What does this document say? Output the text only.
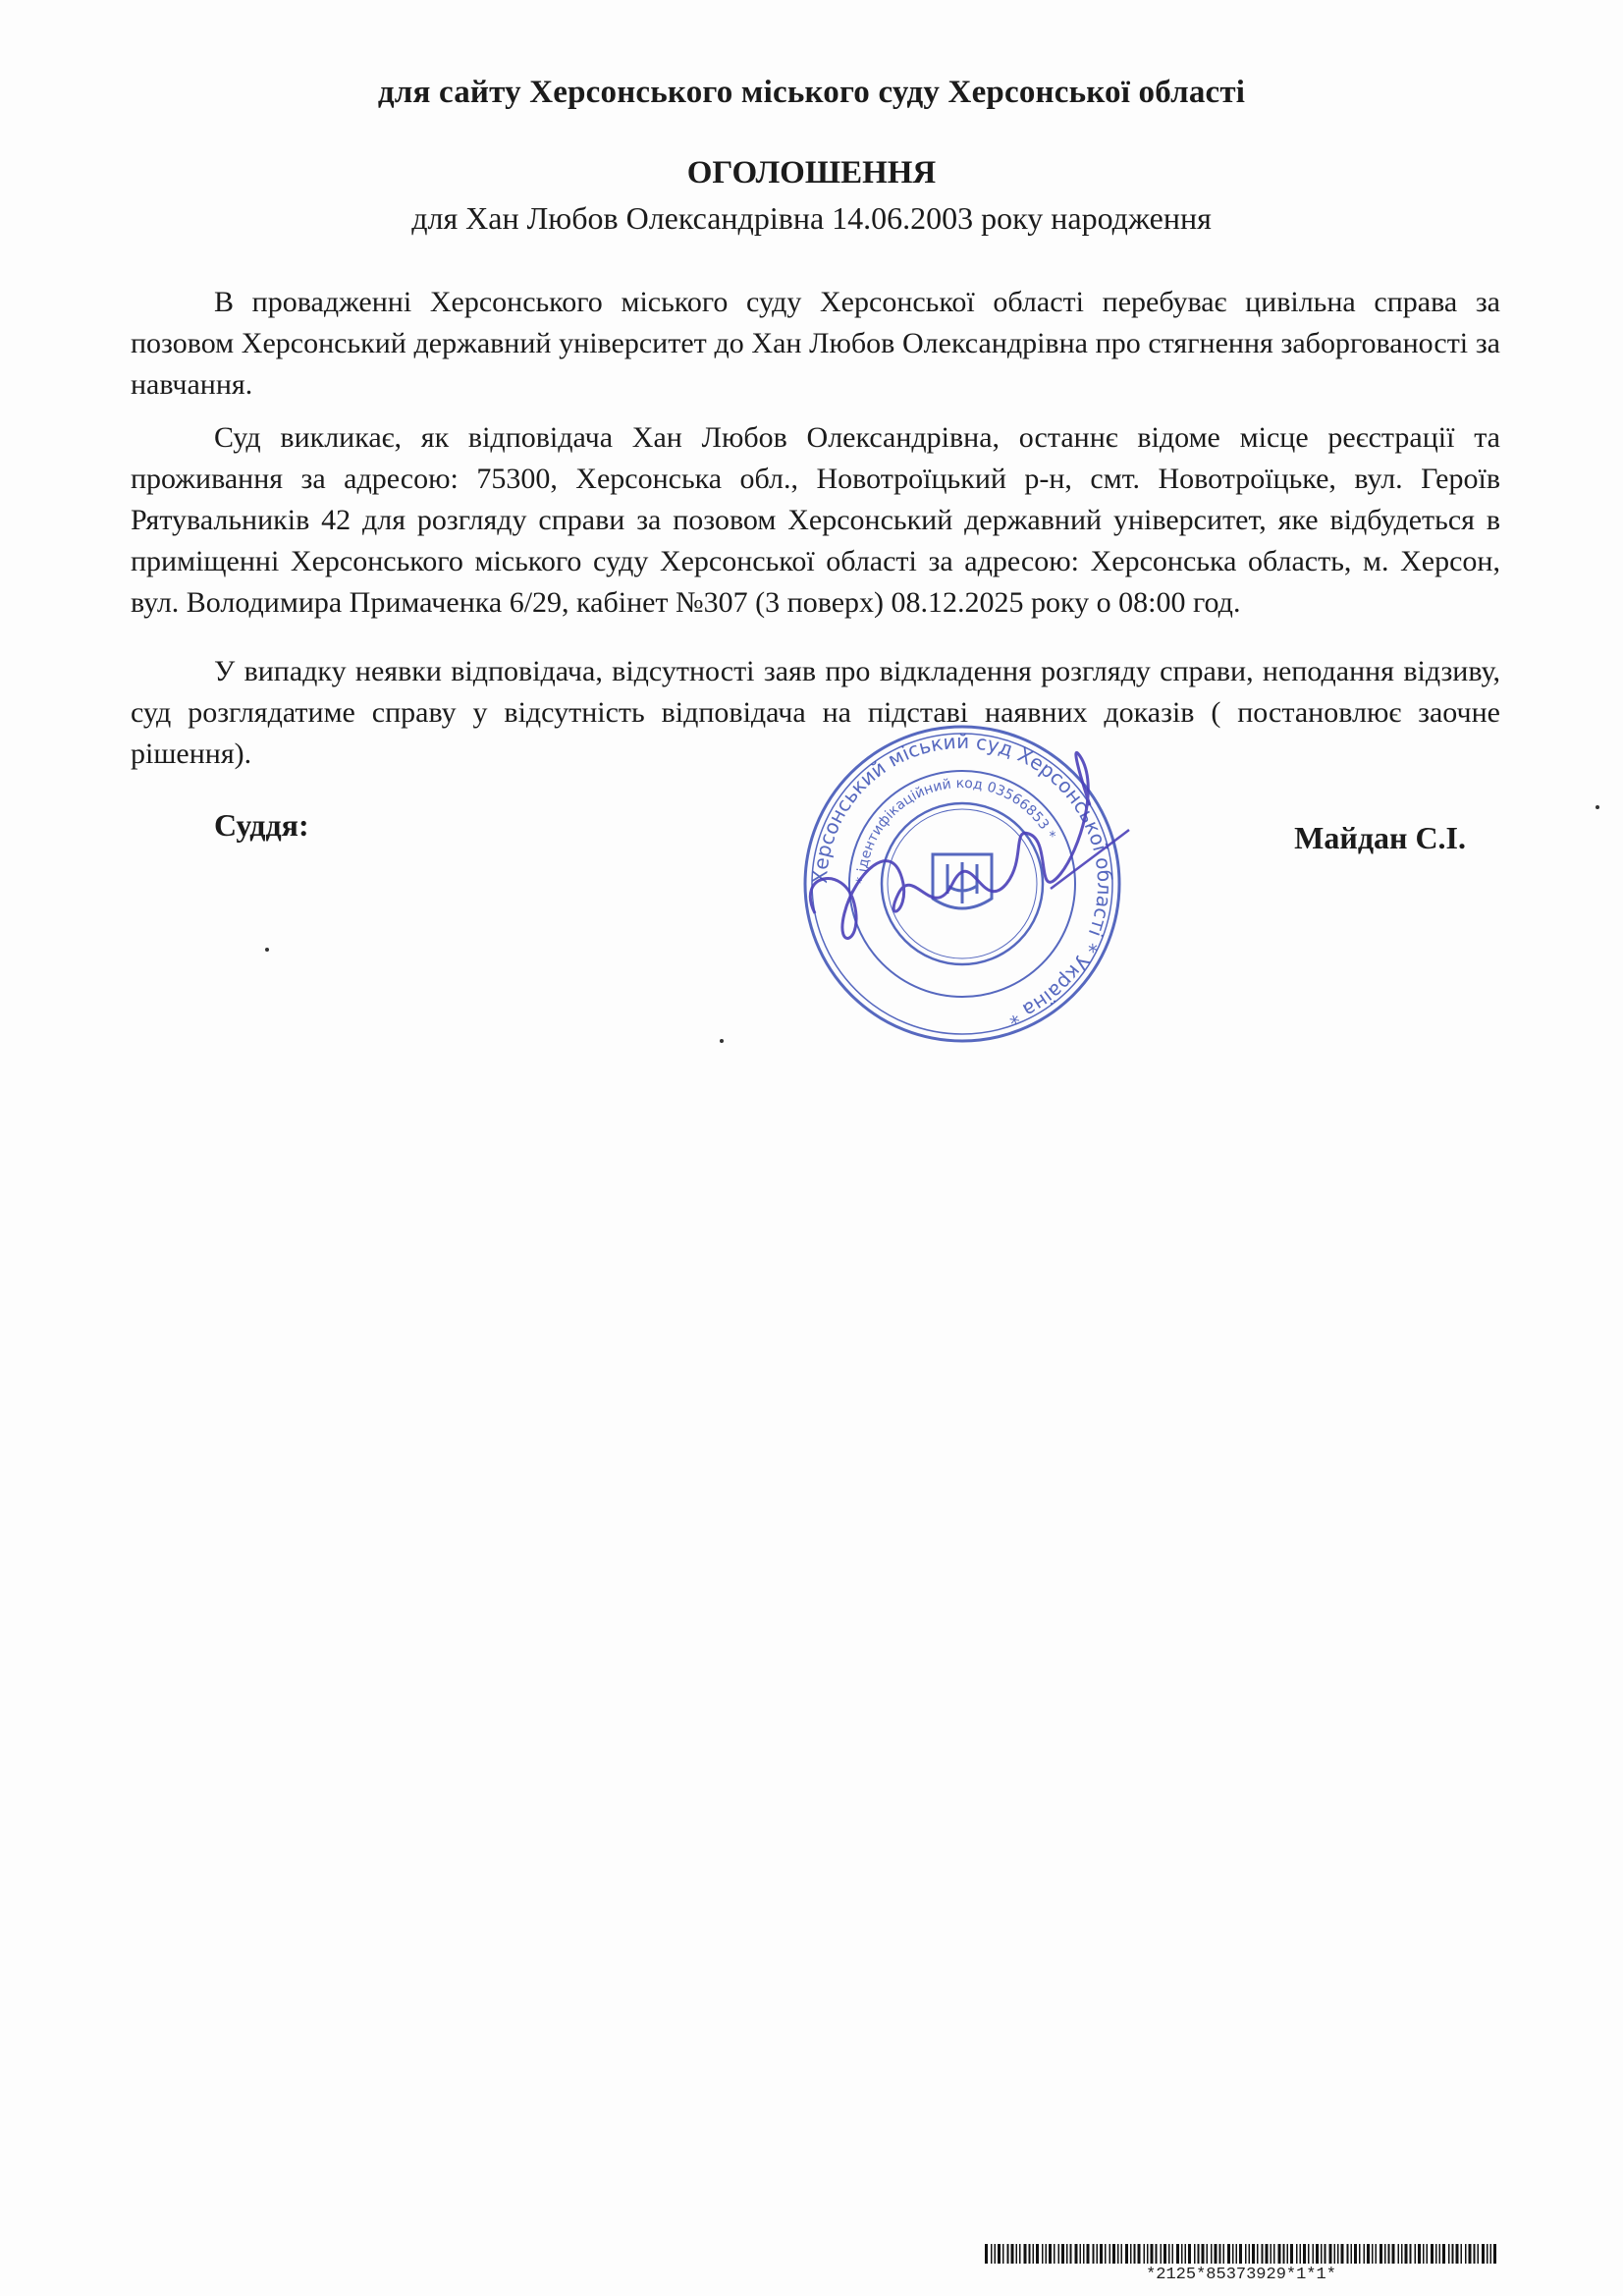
для сайту Херсонського міського суду Херсонської області
ОГОЛОШЕННЯ
для Хан Любов Олександрівна 14.06.2003 року народження

В провадженні Херсонського міського суду Херсонської області перебуває цивільна справа за позовом Херсонський державний університет до Хан Любов Олександрівна про стягнення заборгованості за навчання.

Суд викликає, як відповідача Хан Любов Олександрівна, останнє відоме місце реєстрації та проживання за адресою: 75300, Херсонська обл., Новотроїцький р-н, смт. Новотроїцьке, вул. Героїв Рятувальників 42 для розгляду справи за позовом Херсонський державний університет, яке відбудеться в приміщенні Херсонського міського суду Херсонської області за адресою: Херсонська область, м. Херсон, вул. Володимира Примаченка 6/29, кабінет №307 (3 поверх) 08.12.2025 року о 08:00 год.

У випадку неявки відповідача, відсутності заяв про відкладення розгляду справи, неподання відзиву, суд розглядатиме справу у відсутність відповідача на підставі наявних доказів ( постановлює заочне рішення).

Суддя:	Майдан С.І.
Херсонський міський суд Херсонської області * Україна *
* ідентифікаційний код 03566853 *
*2125*85373929*1*1*
